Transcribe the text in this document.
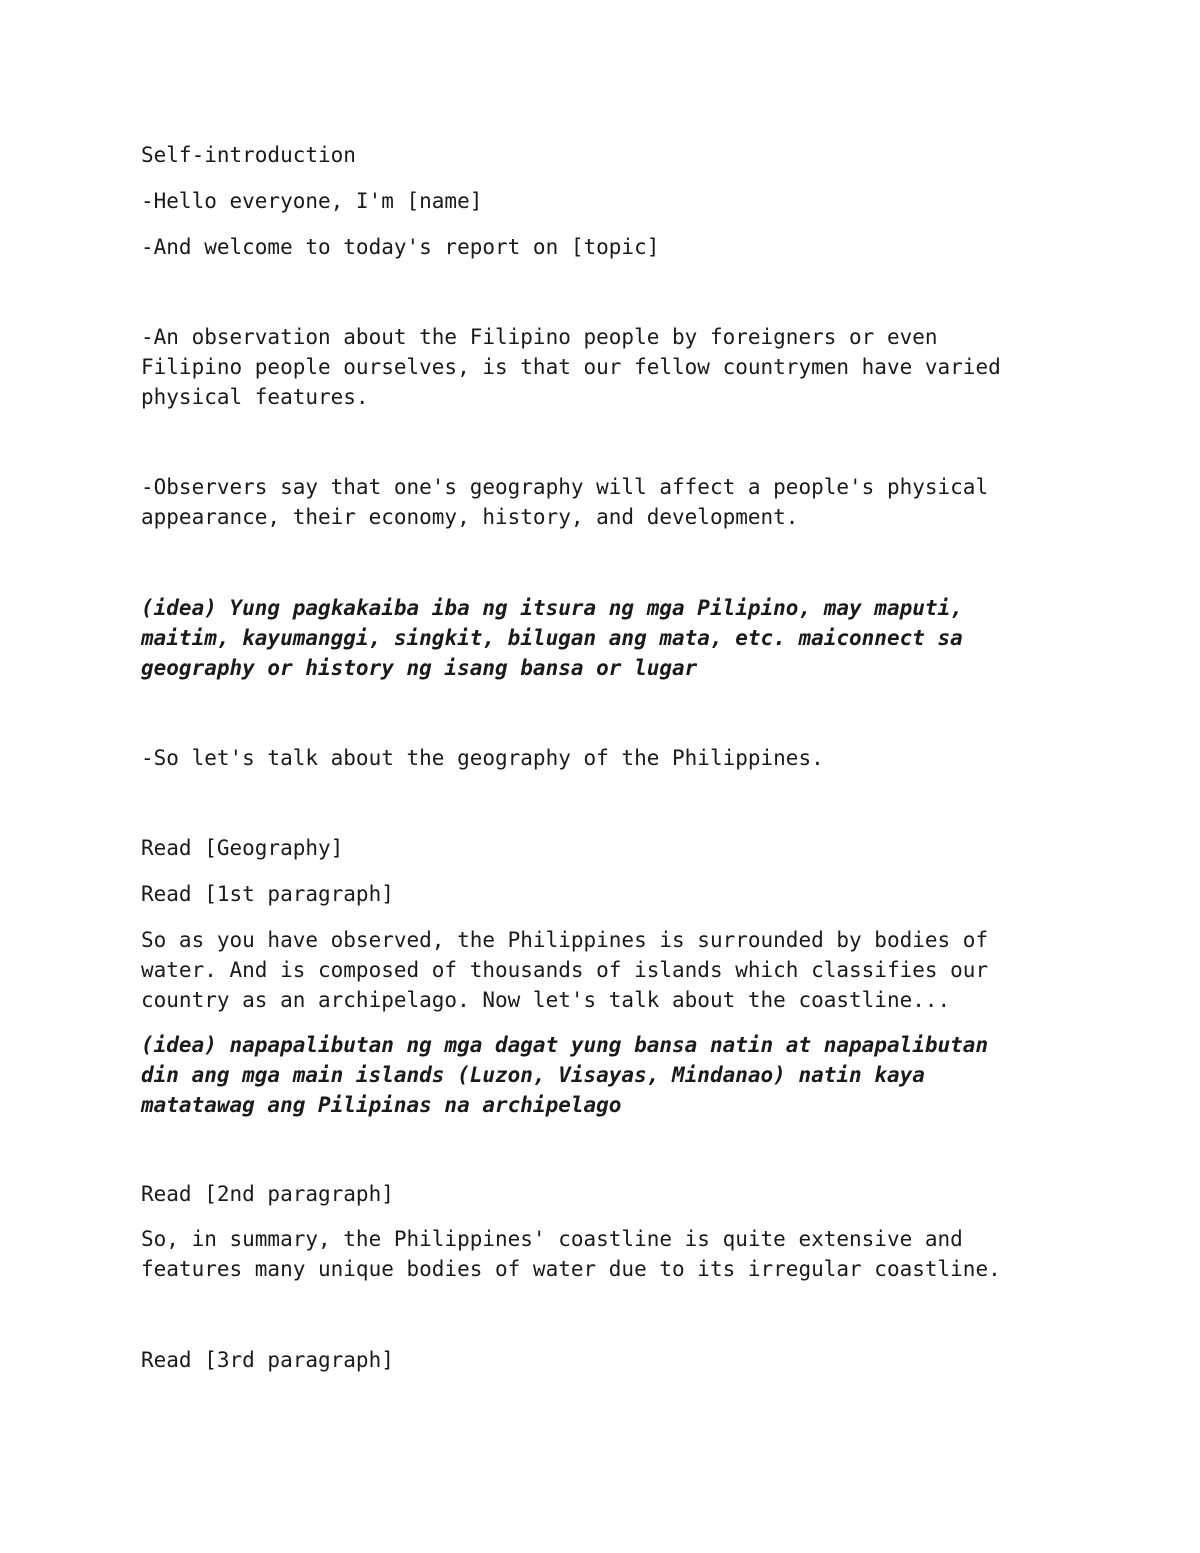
Self-introduction

-Hello everyone, I'm [name]

-And welcome to today's report on [topic]

-An observation about the Filipino people by foreigners or even

Filipino people ourselves, is that our fellow countrymen have varied

physical features.

-Observers say that one's geography will affect a people's physical

appearance, their economy, history, and development.

(idea) Yung pagkakaiba iba ng itsura ng mga Pilipino, may maputi,

maitim, kayumanggi, singkit, bilugan ang mata, etc. maiconnect sa

geography or history ng isang bansa or lugar

-So let's talk about the geography of the Philippines.

Read [Geography]

Read [1st paragraph]

So as you have observed, the Philippines is surrounded by bodies of

water. And is composed of thousands of islands which classifies our

country as an archipelago. Now let's talk about the coastline...

(idea) napapalibutan ng mga dagat yung bansa natin at napapalibutan

din ang mga main islands (Luzon, Visayas, Mindanao) natin kaya

matatawag ang Pilipinas na archipelago

Read [2nd paragraph]

So, in summary, the Philippines' coastline is quite extensive and

features many unique bodies of water due to its irregular coastline.

Read [3rd paragraph]
